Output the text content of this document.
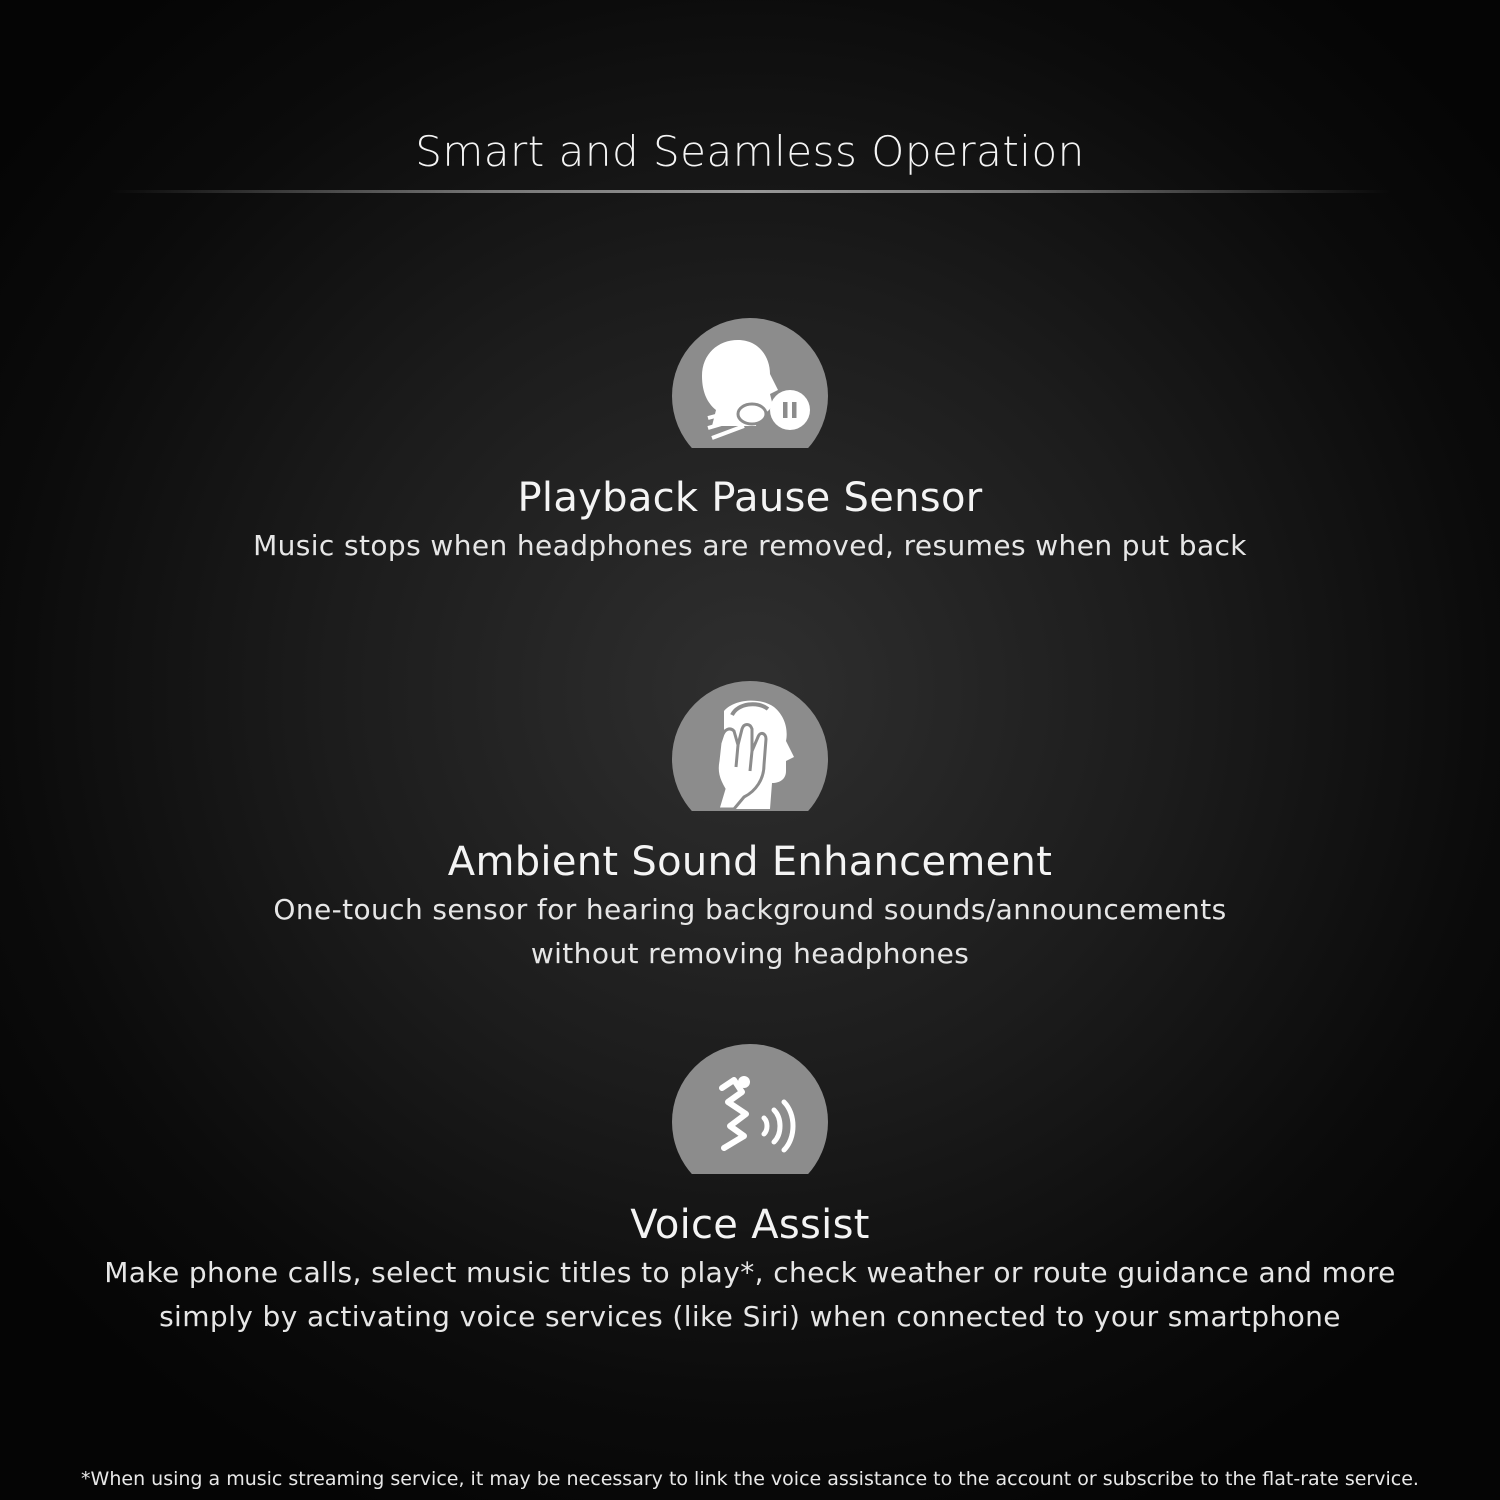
Smart and Seamless Operation
Playback Pause Sensor
Music stops when headphones are removed, resumes when put back
Ambient Sound Enhancement
One-touch sensor for hearing background sounds/announcements
without removing headphones
Voice Assist
Make phone calls, select music titles to play*, check weather or route guidance and more
simply by activating voice services (like Siri) when connected to your smartphone
*When using a music streaming service, it may be necessary to link the voice assistance to the account or subscribe to the flat-rate service.
